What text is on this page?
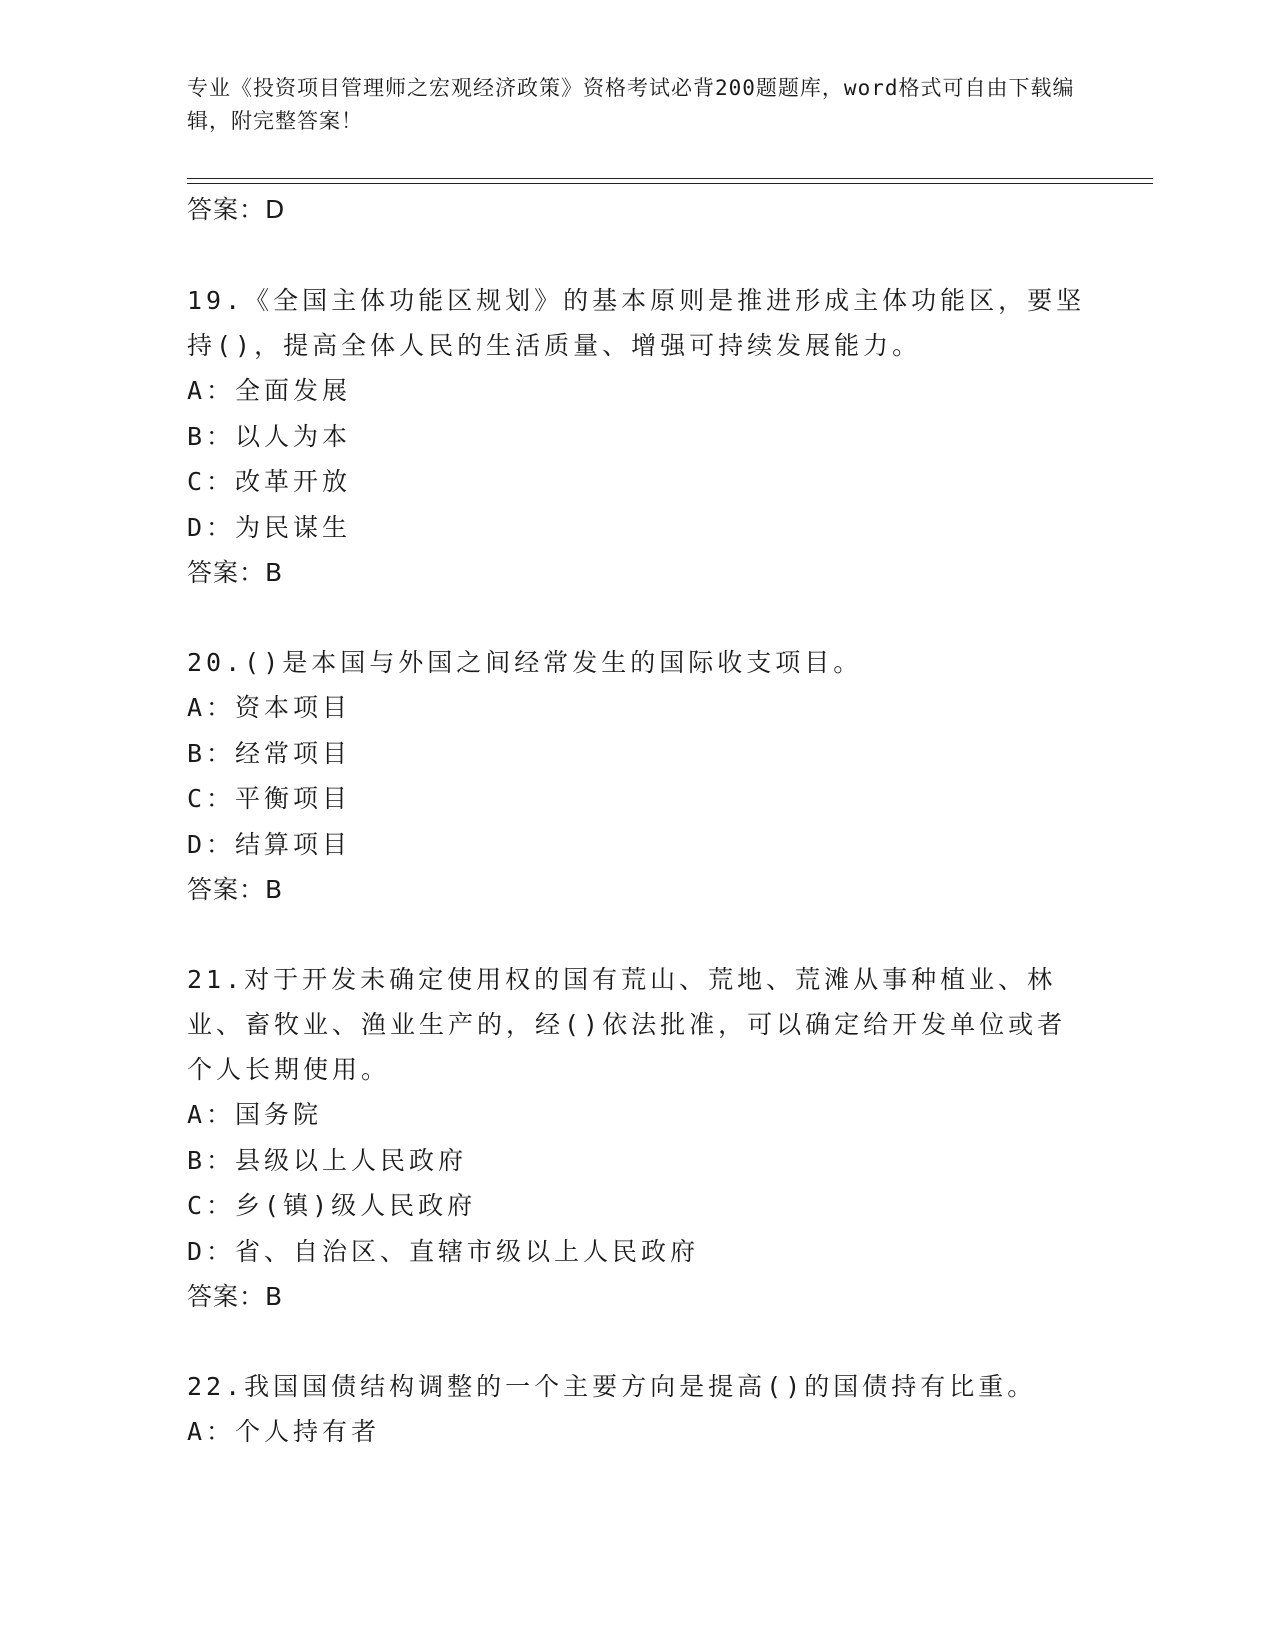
专业《投资项目管理师之宏观经济政策》资格考试必背200题题库，word格式可自由下载编辑，附完整答案！
答案：D
19.《全国主体功能区规划》的基本原则是推进形成主体功能区，要坚持()，提高全体人民的生活质量、增强可持续发展能力。
A：全面发展
B：以人为本
C：改革开放
D：为民谋生
答案：B
20.()是本国与外国之间经常发生的国际收支项目。
A：资本项目
B：经常项目
C：平衡项目
D：结算项目
答案：B
21.对于开发未确定使用权的国有荒山、荒地、荒滩从事种植业、林业、畜牧业、渔业生产的，经()依法批准，可以确定给开发单位或者个人长期使用。
A：国务院
B：县级以上人民政府
C：乡(镇)级人民政府
D：省、自治区、直辖市级以上人民政府
答案：B
22.我国国债结构调整的一个主要方向是提高()的国债持有比重。
A：个人持有者
